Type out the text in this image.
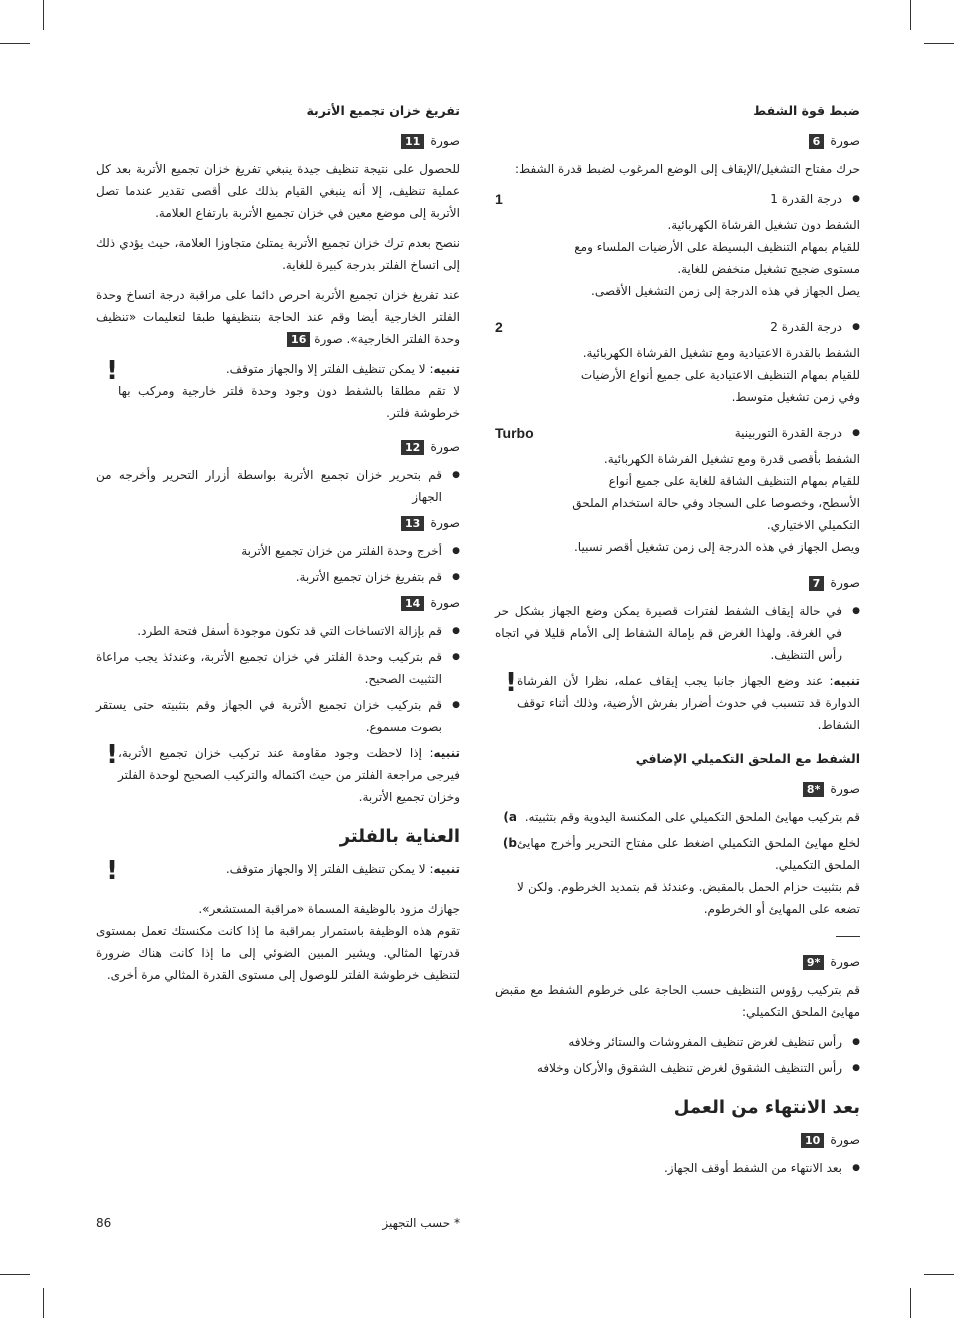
ضبط قوة الشفط
صورة
6

حرك مفتاح التشغيل/الإيقاف إلى الوضع المرغوب لضبط قدرة الشفط:

● درجة القدرة 1
الشفط دون تشغيل الفرشاة الكهربائية.
للقيام بمهام التنظيف البسيطة على الأرضيات الملساء ومع مستوى ضجيج تشغيل منخفض للغاية.
يصل الجهاز في هذه الدرجة إلى زمن التشغيل الأقصى.
1
● درجة القدرة 2
الشفط بالقدرة الاعتيادية ومع تشغيل الفرشاة الكهربائية.
للقيام بمهام التنظيف الاعتيادية على جميع أنواع الأرضيات وفي زمن تشغيل متوسط.
2
● درجة القدرة التوربينية
الشفط بأقصى قدرة ومع تشغيل الفرشاة الكهربائية.
للقيام بمهام التنظيف الشاقة للغاية على جميع أنواع الأسطح، وخصوصا على السجاد وفي حالة استخدام الملحق التكميلي الاختياري.
ويصل الجهاز في هذه الدرجة إلى زمن تشغيل أقصر نسبيا.
Turbo
صورة
7
● في حالة إيقاف الشفط لفترات قصيرة يمكن وضع الجهاز بشكل حر في الغرفة. ولهذا الغرض قم بإمالة الشفاط إلى الأمام قليلا في اتجاه رأس التنظيف.
تنبيه: عند وضع الجهاز جانبا يجب إيقاف عمله، نظرا لأن الفرشاة الدوارة قد تتسبب في حدوث أضرار بفرش الأرضية، وذلك أثناء توقف الشفاط.
!
الشفط مع الملحق التكميلي الإضافي
صورة
8*
قم بتركيب مهايئ الملحق التكميلي على المكنسة اليدوية وقم بتثبيته.
a)
لخلع مهايئ الملحق التكميلي اضغط على مفتاح التحرير وأخرج مهايئ الملحق التكميلي.
قم بتثبيت حزام الحمل بالمقبض. وعندئذ قم بتمديد الخرطوم. ولكن لا تضعه على المهايئ أو الخرطوم.
b)
صورة
9*

قم بتركيب رؤوس التنظيف حسب الحاجة على خرطوم الشفط مع مقبض مهايئ الملحق التكميلي:

● رأس تنظيف لغرض تنظيف المفروشات والستائر وخلافه
● رأس التنظيف الشقوق لغرض تنظيف الشقوق والأركان وخلافه
بعد الانتهاء من العمل
صورة
10
● بعد الانتهاء من الشفط أوقف الجهاز.
تفريغ خزان تجميع الأتربة
صورة
11

للحصول على نتيجة تنظيف جيدة ينبغي تفريغ خزان تجميع الأتربة بعد كل عملية تنظيف، إلا أنه ينبغي القيام بذلك على أقصى تقدير عندما تصل الأتربة إلى موضع معين في خزان تجميع الأتربة بارتفاع العلامة.

ننصح بعدم ترك خزان تجميع الأتربة يمتلئ متجاوزا العلامة، حيث يؤدي ذلك إلى اتساخ الفلتر بدرجة كبيرة للغاية.

عند تفريغ خزان تجميع الأتربة احرص دائما على مراقبة درجة اتساخ وحدة الفلتر الخارجية أيضا وقم عند الحاجة بتنظيفها طبقا لتعليمات «تنظيف وحدة الفلتر الخارجية». صورة 16

تنبيه: لا يمكن تنظيف الفلتر إلا والجهاز متوقف.
لا تقم مطلقا بالشفط دون وجود وحدة فلتر خارجية ومركب بها خرطوشة فلتر.
!
صورة
12
● قم بتحرير خزان تجميع الأتربة بواسطة أزرار التحرير وأخرجه من الجهاز
صورة
13
● أخرج وحدة الفلتر من خزان تجميع الأتربة
● قم بتفريغ خزان تجميع الأتربة.
صورة
14
● قم بإزالة الاتساخات التي قد تكون موجودة أسفل فتحة الطرد.
● قم بتركيب وحدة الفلتر في خزان تجميع الأتربة، وعندئذ يجب مراعاة التثبيت الصحيح.
● قم بتركيب خزان تجميع الأتربة في الجهاز وقم بتثبيته حتى يستقر بصوت مسموع.
تنبيه: إذا لاحظت وجود مقاومة عند تركيب خزان تجميع الأتربة، فيرجى مراجعة الفلتر من حيث اكتماله والتركيب الصحيح لوحدة الفلتر وخزان تجميع الأتربة.
!
العناية بالفلتر
تنبيه: لا يمكن تنظيف الفلتر إلا والجهاز متوقف.
!

جهازك مزود بالوظيفة المسماة «مراقبة المستشعر».

تقوم هذه الوظيفة باستمرار بمراقبة ما إذا كانت مكنستك تعمل بمستوى قدرتها المثالي. ويشير المبين الضوئي إلى ما إذا كانت هناك ضرورة لتنظيف خرطوشة الفلتر للوصول إلى مستوى القدرة المثالي مرة أخرى.

86	* حسب التجهيز
